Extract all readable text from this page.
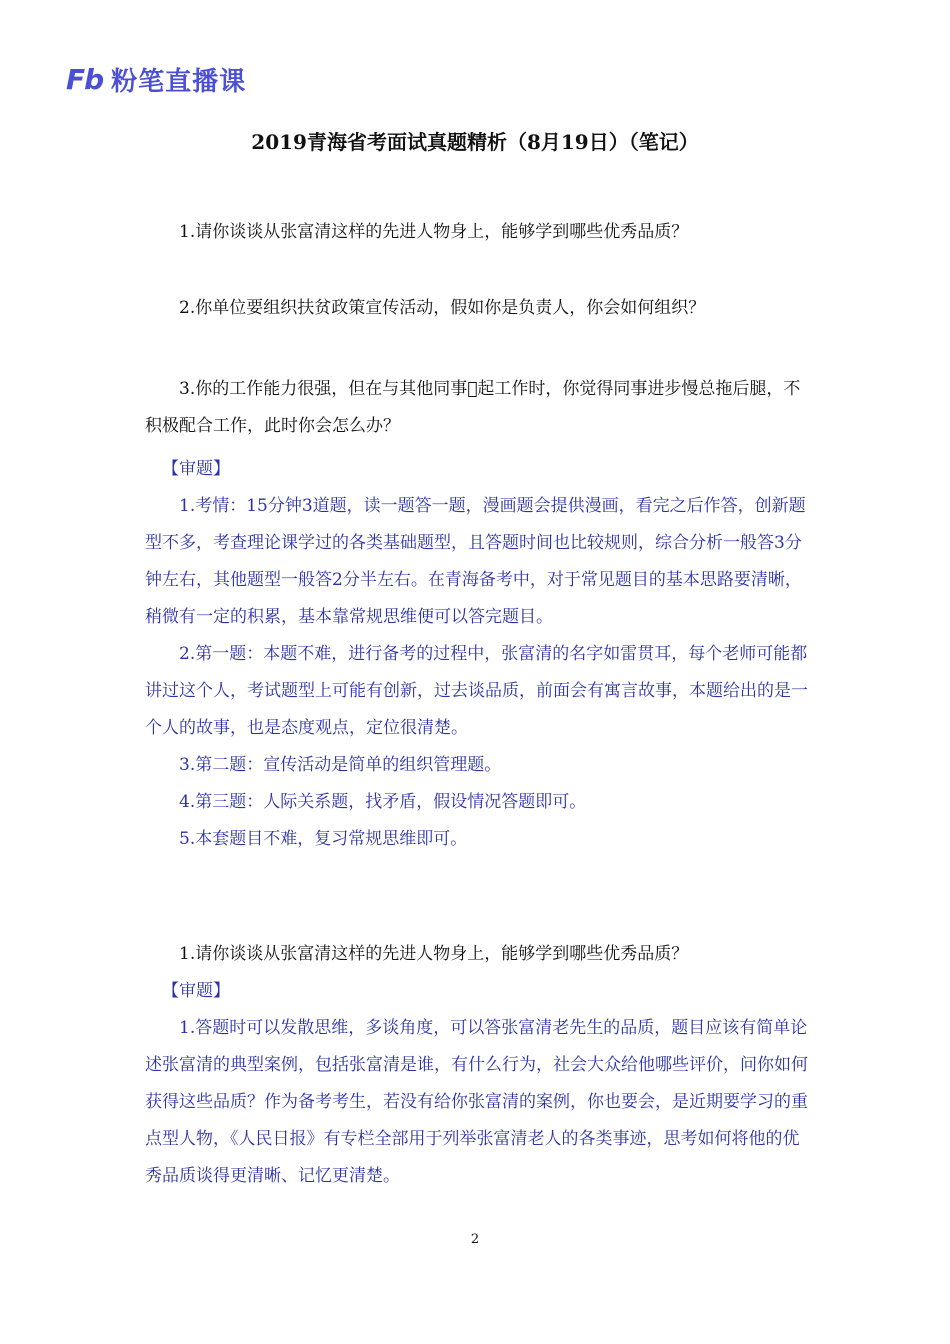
Fb 粉笔直播课
2019青海省考面试真题精析（8月19日）（笔记）

1.请你谈谈从张富清这样的先进人物身上，能够学到哪些优秀品质？

2.你单位要组织扶贫政策宣传活动，假如你是负责人，你会如何组织？

3.你的工作能力很强，但在与其他同事􏰀起工作时，你觉得同事进步慢总拖后腿，不积极配合工作，此时你会怎么办？

【审题】

1.考情：15分钟3道题，读一题答一题，漫画题会提供漫画，看完之后作答，创新题型不多，考查理论课学过的各类基础题型，且答题时间也比较规则，综合分析一般答3分钟左右，其他题型一般答2分半左右。在青海备考中，对于常见题目的基本思路要清晰，稍微有一定的积累，基本靠常规思维便可以答完题目。

2.第一题：本题不难，进行备考的过程中，张富清的名字如雷贯耳，每个老师可能都讲过这个人，考试题型上可能有创新，过去谈品质，前面会有寓言故事，本题给出的是一个人的故事，也是态度观点，定位很清楚。

3.第二题：宣传活动是简单的组织管理题。

4.第三题：人际关系题，找矛盾，假设情况答题即可。

5.本套题目不难，复习常规思维即可。

1.请你谈谈从张富清这样的先进人物身上，能够学到哪些优秀品质？

【审题】

1.答题时可以发散思维，多谈角度，可以答张富清老先生的品质，题目应该有简单论述张富清的典型案例，包括张富清是谁，有什么行为，社会大众给他哪些评价，问你如何获得这些品质？作为备考考生，若没有给你张富清的案例，你也要会，是近期要学习的重点型人物，《人民日报》有专栏全部用于列举张富清老人的各类事迹，思考如何将他的优秀品质谈得更清晰、记忆更清楚。

2
